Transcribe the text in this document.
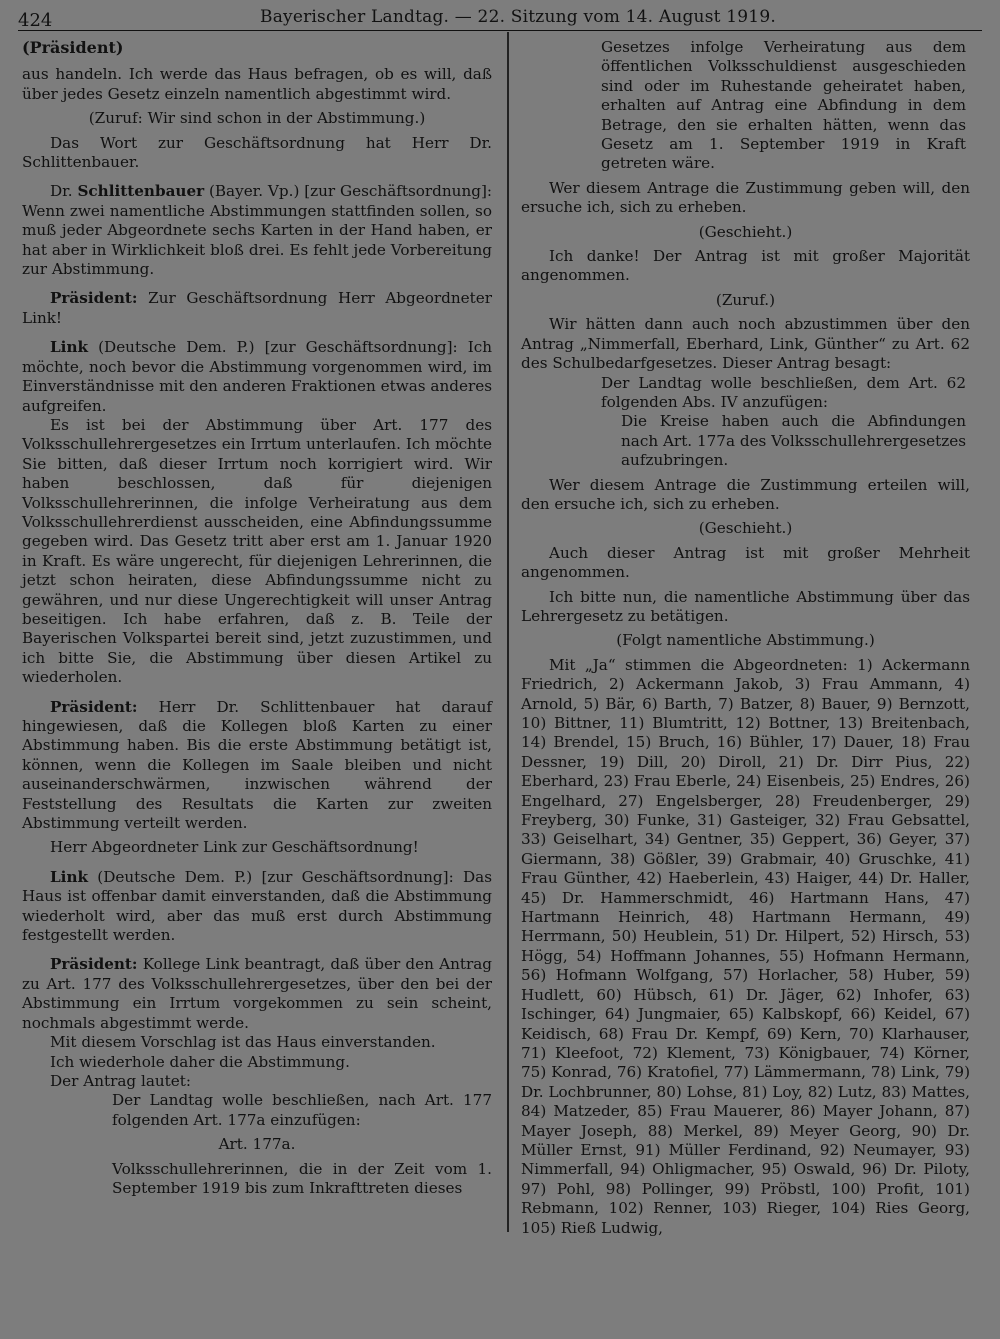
424	Bayerischer Landtag. — 22. Sitzung vom 14. August 1919.
(Präsident)

aus handeln. Ich werde das Haus befragen, ob es will, daß über jedes Gesetz einzeln namentlich abgestimmt wird.

(Zuruf: Wir sind schon in der Abstimmung.)

Das Wort zur Geschäftsordnung hat Herr Dr. Schlittenbauer.

Dr. Schlittenbauer (Bayer. Vp.) [zur Geschäftsordnung]: Wenn zwei namentliche Abstimmungen stattfinden sollen, so muß jeder Abgeordnete sechs Karten in der Hand haben, er hat aber in Wirklichkeit bloß drei. Es fehlt jede Vorbereitung zur Abstimmung.

Präsident: Zur Geschäftsordnung Herr Abgeordneter Link!

Link (Deutsche Dem. P.) [zur Geschäftsordnung]: Ich möchte, noch bevor die Abstimmung vorgenommen wird, im Einverständnisse mit den anderen Fraktionen etwas anderes aufgreifen.

Es ist bei der Abstimmung über Art. 177 des Volksschullehrergesetzes ein Irrtum unterlaufen. Ich möchte Sie bitten, daß dieser Irrtum noch korrigiert wird. Wir haben beschlossen, daß für diejenigen Volksschullehrerinnen, die infolge Verheiratung aus dem Volksschullehrerdienst ausscheiden, eine Abfindungssumme gegeben wird. Das Gesetz tritt aber erst am 1. Januar 1920 in Kraft. Es wäre ungerecht, für diejenigen Lehrerinnen, die jetzt schon heiraten, diese Abfindungssumme nicht zu gewähren, und nur diese Ungerechtigkeit will unser Antrag beseitigen. Ich habe erfahren, daß z. B. Teile der Bayerischen Volkspartei bereit sind, jetzt zuzustimmen, und ich bitte Sie, die Abstimmung über diesen Artikel zu wiederholen.

Präsident: Herr Dr. Schlittenbauer hat darauf hingewiesen, daß die Kollegen bloß Karten zu einer Abstimmung haben. Bis die erste Abstimmung betätigt ist, können, wenn die Kollegen im Saale bleiben und nicht auseinanderschwärmen, inzwischen während der Feststellung des Resultats die Karten zur zweiten Abstimmung verteilt werden.

Herr Abgeordneter Link zur Geschäftsordnung!

Link (Deutsche Dem. P.) [zur Geschäftsordnung]: Das Haus ist offenbar damit einverstanden, daß die Abstimmung wiederholt wird, aber das muß erst durch Abstimmung festgestellt werden.

Präsident: Kollege Link beantragt, daß über den Antrag zu Art. 177 des Volksschullehrergesetzes, über den bei der Abstimmung ein Irrtum vorgekommen zu sein scheint, nochmals abgestimmt werde.

Mit diesem Vorschlag ist das Haus einverstanden.

Ich wiederhole daher die Abstimmung.

Der Antrag lautet:

Der Landtag wolle beschließen, nach Art. 177 folgenden Art. 177a einzufügen:

Art. 177a.

Volksschullehrerinnen, die in der Zeit vom 1. September 1919 bis zum Inkrafttreten dieses

Gesetzes infolge Verheiratung aus dem öffentlichen Volksschuldienst ausgeschieden sind oder im Ruhestande geheiratet haben, erhalten auf Antrag eine Abfindung in dem Betrage, den sie erhalten hätten, wenn das Gesetz am 1. September 1919 in Kraft getreten wäre.

Wer diesem Antrage die Zustimmung geben will, den ersuche ich, sich zu erheben.

(Geschieht.)

Ich danke! Der Antrag ist mit großer Majorität angenommen.

(Zuruf.)

Wir hätten dann auch noch abzustimmen über den Antrag „Nimmerfall, Eberhard, Link, Günther“ zu Art. 62 des Schulbedarfgesetzes. Dieser Antrag besagt:

Der Landtag wolle beschließen, dem Art. 62 folgenden Abs. IV anzufügen:

Die Kreise haben auch die Abfindungen nach Art. 177a des Volksschullehrergesetzes aufzubringen.

Wer diesem Antrage die Zustimmung erteilen will, den ersuche ich, sich zu erheben.

(Geschieht.)

Auch dieser Antrag ist mit großer Mehrheit angenommen.

Ich bitte nun, die namentliche Abstimmung über das Lehrergesetz zu betätigen.

(Folgt namentliche Abstimmung.)

Mit „Ja“ stimmen die Abgeordneten: 1) Ackermann Friedrich, 2) Ackermann Jakob, 3) Frau Ammann, 4) Arnold, 5) Bär, 6) Barth, 7) Batzer, 8) Bauer, 9) Bernzott, 10) Bittner, 11) Blumtritt, 12) Bottner, 13) Breitenbach, 14) Brendel, 15) Bruch, 16) Bühler, 17) Dauer, 18) Frau Dessner, 19) Dill, 20) Diroll, 21) Dr. Dirr Pius, 22) Eberhard, 23) Frau Eberle, 24) Eisenbeis, 25) Endres, 26) Engelhard, 27) Engelsberger, 28) Freudenberger, 29) Freyberg, 30) Funke, 31) Gasteiger, 32) Frau Gebsattel, 33) Geiselhart, 34) Gentner, 35) Geppert, 36) Geyer, 37) Giermann, 38) Gößler, 39) Grabmair, 40) Gruschke, 41) Frau Günther, 42) Haeberlein, 43) Haiger, 44) Dr. Haller, 45) Dr. Hammerschmidt, 46) Hartmann Hans, 47) Hartmann Heinrich, 48) Hartmann Hermann, 49) Herrmann, 50) Heublein, 51) Dr. Hilpert, 52) Hirsch, 53) Högg, 54) Hoffmann Johannes, 55) Hofmann Hermann, 56) Hofmann Wolfgang, 57) Horlacher, 58) Huber, 59) Hudlett, 60) Hübsch, 61) Dr. Jäger, 62) Inhofer, 63) Ischinger, 64) Jungmaier, 65) Kalbskopf, 66) Keidel, 67) Keidisch, 68) Frau Dr. Kempf, 69) Kern, 70) Klarhauser, 71) Kleefoot, 72) Klement, 73) Königbauer, 74) Körner, 75) Konrad, 76) Kratofiel, 77) Lämmermann, 78) Link, 79) Dr. Lochbrunner, 80) Lohse, 81) Loy, 82) Lutz, 83) Mattes, 84) Matzeder, 85) Frau Mauerer, 86) Mayer Johann, 87) Mayer Joseph, 88) Merkel, 89) Meyer Georg, 90) Dr. Müller Ernst, 91) Müller Ferdinand, 92) Neumayer, 93) Nimmerfall, 94) Ohligmacher, 95) Oswald, 96) Dr. Piloty, 97) Pohl, 98) Pollinger, 99) Pröbstl, 100) Profit, 101) Rebmann, 102) Renner, 103) Rieger, 104) Ries Georg, 105) Rieß Ludwig,
